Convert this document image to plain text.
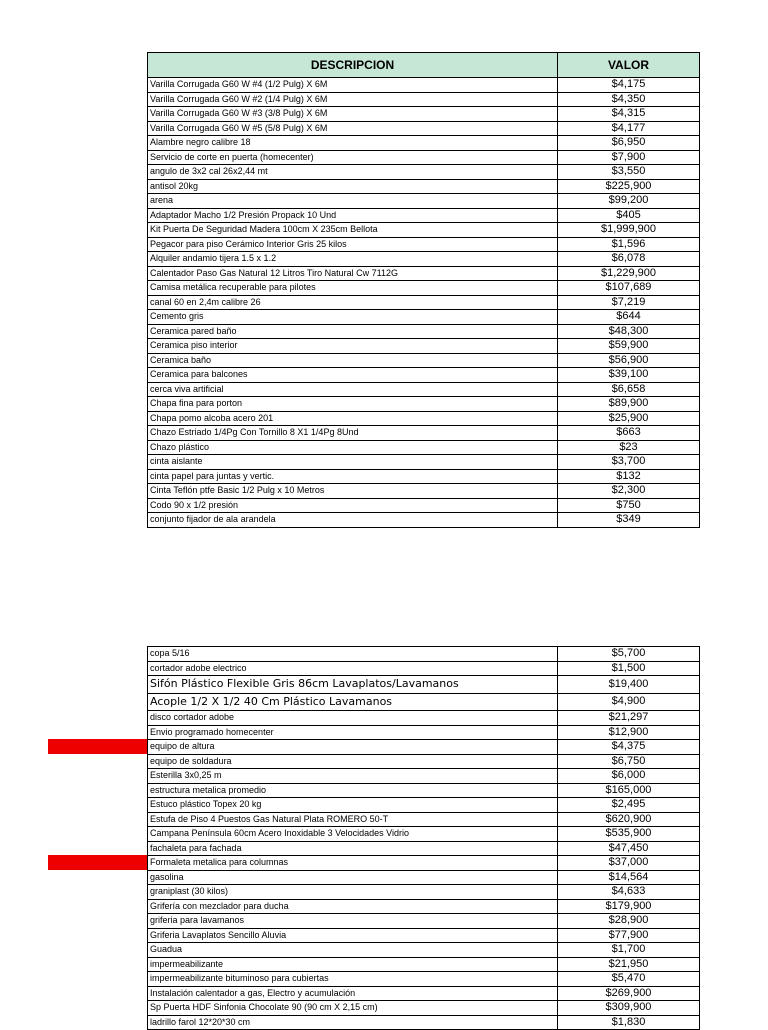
DESCRIPCION	VALOR
Varilla Corrugada G60 W #4 (1/2 Pulg) X 6M	$4,175
Varilla Corrugada G60 W #2 (1/4 Pulg) X 6M	$4,350
Varilla Corrugada G60 W #3 (3/8 Pulg) X 6M	$4,315
Varilla Corrugada G60 W #5 (5/8 Pulg) X 6M	$4,177
Alambre negro calibre 18	$6,950
Servicio de corte en puerta (homecenter)	$7,900
angulo de 3x2 cal 26x2,44 mt	$3,550
antisol 20kg	$225,900
arena	$99,200
Adaptador Macho 1/2 Presión Propack 10 Und	$405
Kit Puerta De Seguridad Madera 100cm X 235cm Bellota	$1,999,900
Pegacor para piso Cerámico Interior Gris 25 kilos	$1,596
Alquiler andamio tijera 1.5 x 1.2	$6,078
Calentador Paso Gas Natural 12 Litros Tiro Natural Cw 7112G	$1,229,900
Camisa metálica recuperable para pilotes	$107,689
canal 60 en 2,4m calibre 26	$7,219
Cemento gris	$644
Ceramica pared baño	$48,300
Ceramica piso interior	$59,900
Ceramica baño	$56,900
Ceramica para balcones	$39,100
cerca viva artificial	$6,658
Chapa fina para porton	$89,900
Chapa pomo alcoba acero 201	$25,900
Chazo Estriado 1/4Pg Con Tornillo 8 X1 1/4Pg 8Und	$663
Chazo plástico	$23
cinta aislante	$3,700
cinta papel para juntas y vertic.	$132
Cinta Teflón ptfe Basic 1/2 Pulg x 10 Metros	$2,300
Codo 90 x 1/2 presión	$750
conjunto fijador de ala arandela	$349
copa 5/16	$5,700
cortador adobe electrico	$1,500
Sifón Plástico Flexible Gris 86cm Lavaplatos/Lavamanos	$19,400
Acople 1/2 X 1/2 40 Cm Plástico Lavamanos	$4,900
disco cortador adobe	$21,297
Envio programado homecenter	$12,900
equipo de altura	$4,375
equipo de soldadura	$6,750
Esterilla 3x0,25 m	$6,000
estructura metalica promedio	$165,000
Estuco plástico Topex 20 kg	$2,495
Estufa de Piso 4 Puestos Gas Natural Plata ROMERO 50-T	$620,900
Campana Península 60cm Acero Inoxidable 3 Velocidades Vidrio	$535,900
fachaleta para fachada	$47,450
Formaleta metalica para columnas	$37,000
gasolina	$14,564
graniplast (30 kilos)	$4,633
Grifería con mezclador para ducha	$179,900
griferia para lavamanos	$28,900
Griferia Lavaplatos Sencillo Aluvia	$77,900
Guadua	$1,700
impermeabilizante	$21,950
impermeabilizante bituminoso para cubiertas	$5,470
Instalación calentador a gas, Electro y acumulación	$269,900
Sp Puerta HDF Sinfonia Chocolate 90 (90 cm X 2,15 cm)	$309,900
ladrillo farol 12*20*30 cm	$1,830
